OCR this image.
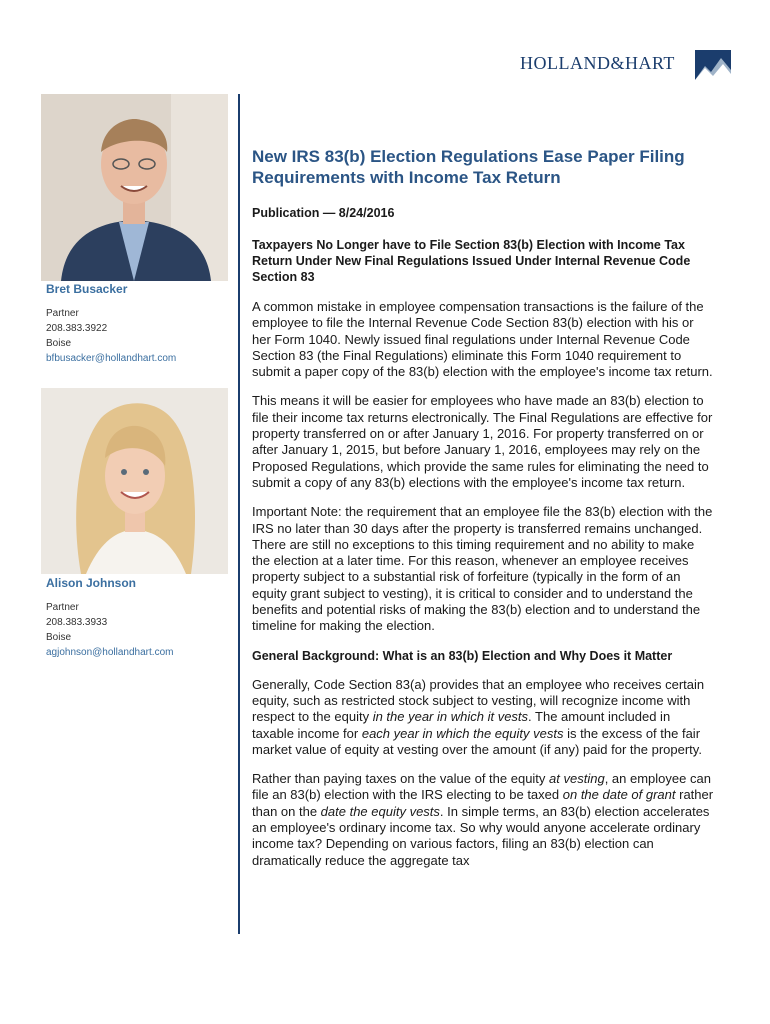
HOLLAND&HART
Bret Busacker
Partner
208.383.3922
Boise
bfbusacker@hollandhart.com
Alison Johnson
Partner
208.383.3933
Boise
agjohnson@hollandhart.com
New IRS 83(b) Election Regulations Ease Paper Filing Requirements with Income Tax Return
Publication — 8/24/2016
Taxpayers No Longer have to File Section 83(b) Election with Income Tax Return Under New Final Regulations Issued Under Internal Revenue Code Section 83

A common mistake in employee compensation transactions is the failure of the employee to file the Internal Revenue Code Section 83(b) election with his or her Form 1040. Newly issued final regulations under Internal Revenue Code Section 83 (the Final Regulations) eliminate this Form 1040 requirement to submit a paper copy of the 83(b) election with the employee's income tax return.

This means it will be easier for employees who have made an 83(b) election to file their income tax returns electronically. The Final Regulations are effective for property transferred on or after January 1, 2016. For property transferred on or after January 1, 2015, but before January 1, 2016, employees may rely on the Proposed Regulations, which provide the same rules for eliminating the need to submit a copy of any 83(b) elections with the employee's income tax return.

Important Note: the requirement that an employee file the 83(b) election with the IRS no later than 30 days after the property is transferred remains unchanged. There are still no exceptions to this timing requirement and no ability to make the election at a later time. For this reason, whenever an employee receives property subject to a substantial risk of forfeiture (typically in the form of an equity grant subject to vesting), it is critical to consider and to understand the benefits and potential risks of making the 83(b) election and to understand the timeline for making the election.

General Background: What is an 83(b) Election and Why Does it Matter

Generally, Code Section 83(a) provides that an employee who receives certain equity, such as restricted stock subject to vesting, will recognize income with respect to the equity in the year in which it vests. The amount included in taxable income for each year in which the equity vests is the excess of the fair market value of equity at vesting over the amount (if any) paid for the property.

Rather than paying taxes on the value of the equity at vesting, an employee can file an 83(b) election with the IRS electing to be taxed on the date of grant rather than on the date the equity vests. In simple terms, an 83(b) election accelerates an employee's ordinary income tax. So why would anyone accelerate ordinary income tax? Depending on various factors, filing an 83(b) election can dramatically reduce the aggregate tax
